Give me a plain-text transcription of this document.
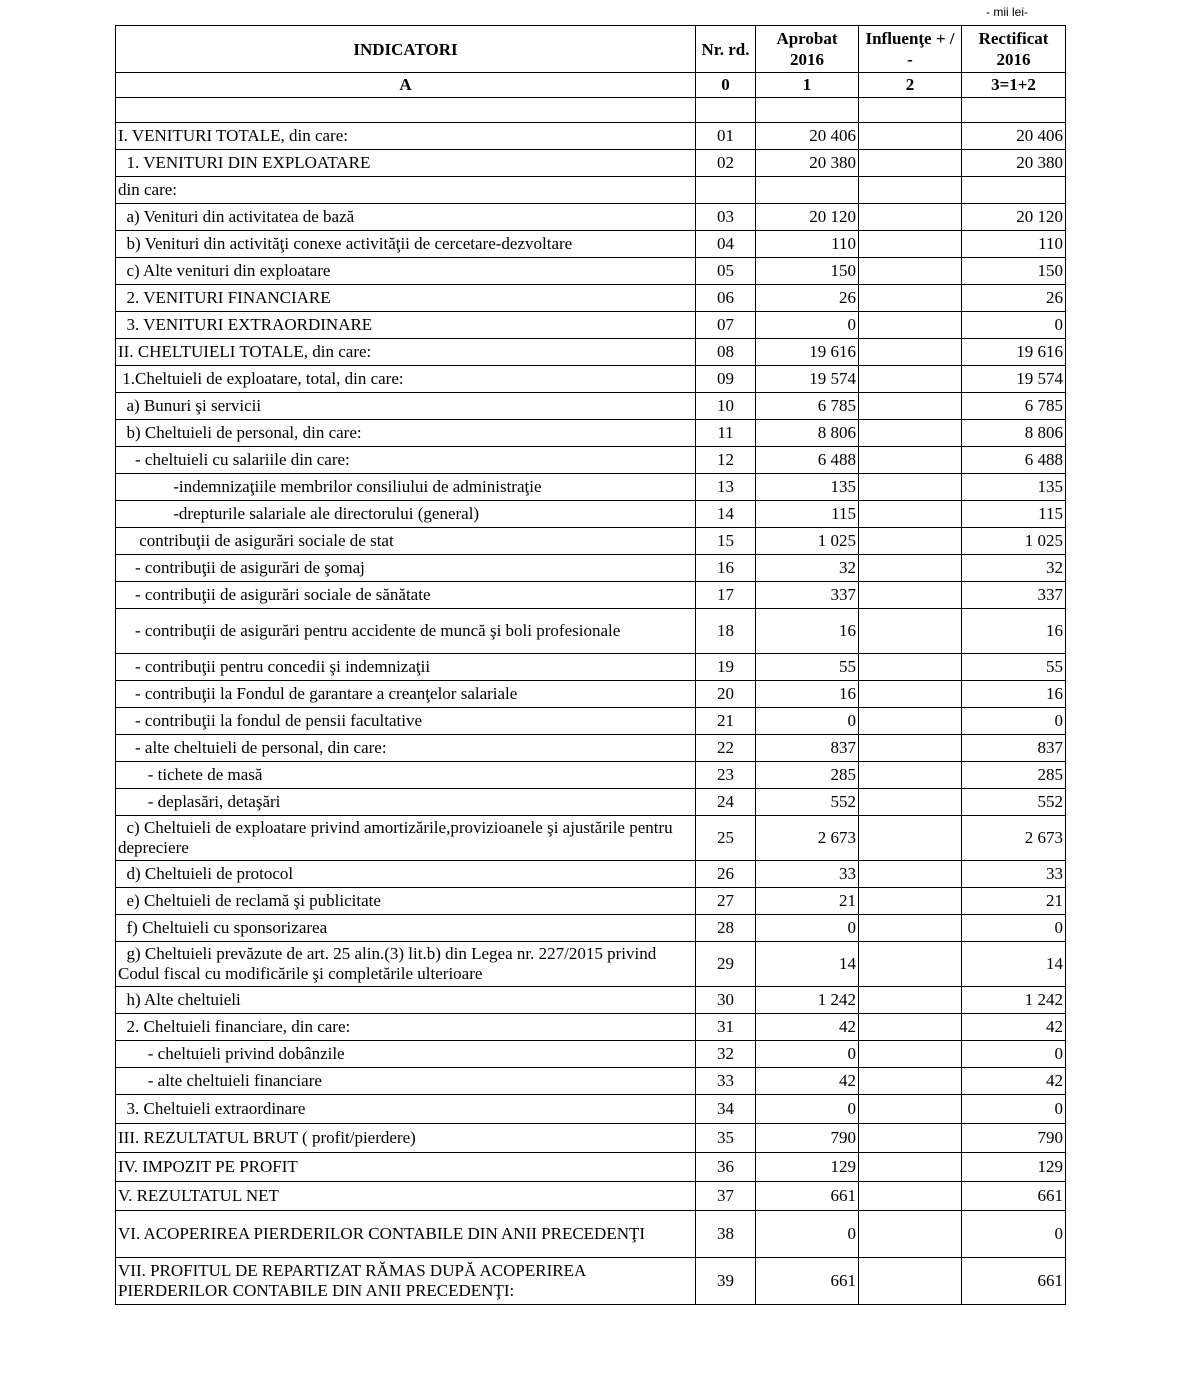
- mii lei-
INDICATORI	Nr. rd.	Aprobat 2016	Influenţe + / -	Rectificat 2016
A	0	1	2	3=1+2

I. VENITURI TOTALE, din care:	01	20 406		20 406
1. VENITURI DIN EXPLOATARE	02	20 380		20 380
din care:				
a) Venituri din activitatea de bază	03	20 120		20 120
b) Venituri din activităţi conexe activităţii de cercetare-dezvoltare	04	110		110
c) Alte venituri din exploatare	05	150		150
2. VENITURI FINANCIARE	06	26		26
3. VENITURI EXTRAORDINARE	07	0		0
II. CHELTUIELI TOTALE, din care:	08	19 616		19 616
1.Cheltuieli de exploatare, total, din care:	09	19 574		19 574
a) Bunuri şi servicii	10	6 785		6 785
b) Cheltuieli de personal, din care:	11	8 806		8 806
- cheltuieli cu salariile din care:	12	6 488		6 488
-indemnizaţiile membrilor consiliului de administraţie	13	135		135
-drepturile salariale ale directorului (general)	14	115		115
contribuţii de asigurări sociale de stat	15	1 025		1 025
- contribuţii de asigurări de şomaj	16	32		32
- contribuţii de asigurări sociale de sănătate	17	337		337
- contribuţii de asigurări pentru accidente de muncă şi boli profesionale	18	16		16
- contribuţii pentru concedii şi indemnizaţii	19	55		55
- contribuţii la Fondul de garantare a creanţelor salariale	20	16		16
- contribuţii la fondul de pensii facultative	21	0		0
- alte cheltuieli de personal, din care:	22	837		837
- tichete de masă	23	285		285
- deplasări, detaşări	24	552		552
c) Cheltuieli de exploatare privind amortizările,provizioanele şi ajustările pentru depreciere	25	2 673		2 673
d) Cheltuieli de protocol	26	33		33
e) Cheltuieli de reclamă şi publicitate	27	21		21
f) Cheltuieli cu sponsorizarea	28	0		0
g) Cheltuieli prevăzute de art. 25 alin.(3) lit.b) din Legea nr. 227/2015 privind Codul fiscal cu modificările şi completările ulterioare	29	14		14
h) Alte cheltuieli	30	1 242		1 242
2. Cheltuieli financiare, din care:	31	42		42
- cheltuieli privind dobânzile	32	0		0
- alte cheltuieli financiare	33	42		42
3. Cheltuieli extraordinare	34	0		0
III. REZULTATUL BRUT ( profit/pierdere)	35	790		790
IV. IMPOZIT PE PROFIT	36	129		129
V. REZULTATUL NET	37	661		661
VI. ACOPERIREA PIERDERILOR CONTABILE DIN ANII PRECEDENŢI	38	0		0
VII. PROFITUL DE REPARTIZAT RĂMAS DUPĂ ACOPERIREA PIERDERILOR CONTABILE DIN ANII PRECEDENŢI:	39	661		661
